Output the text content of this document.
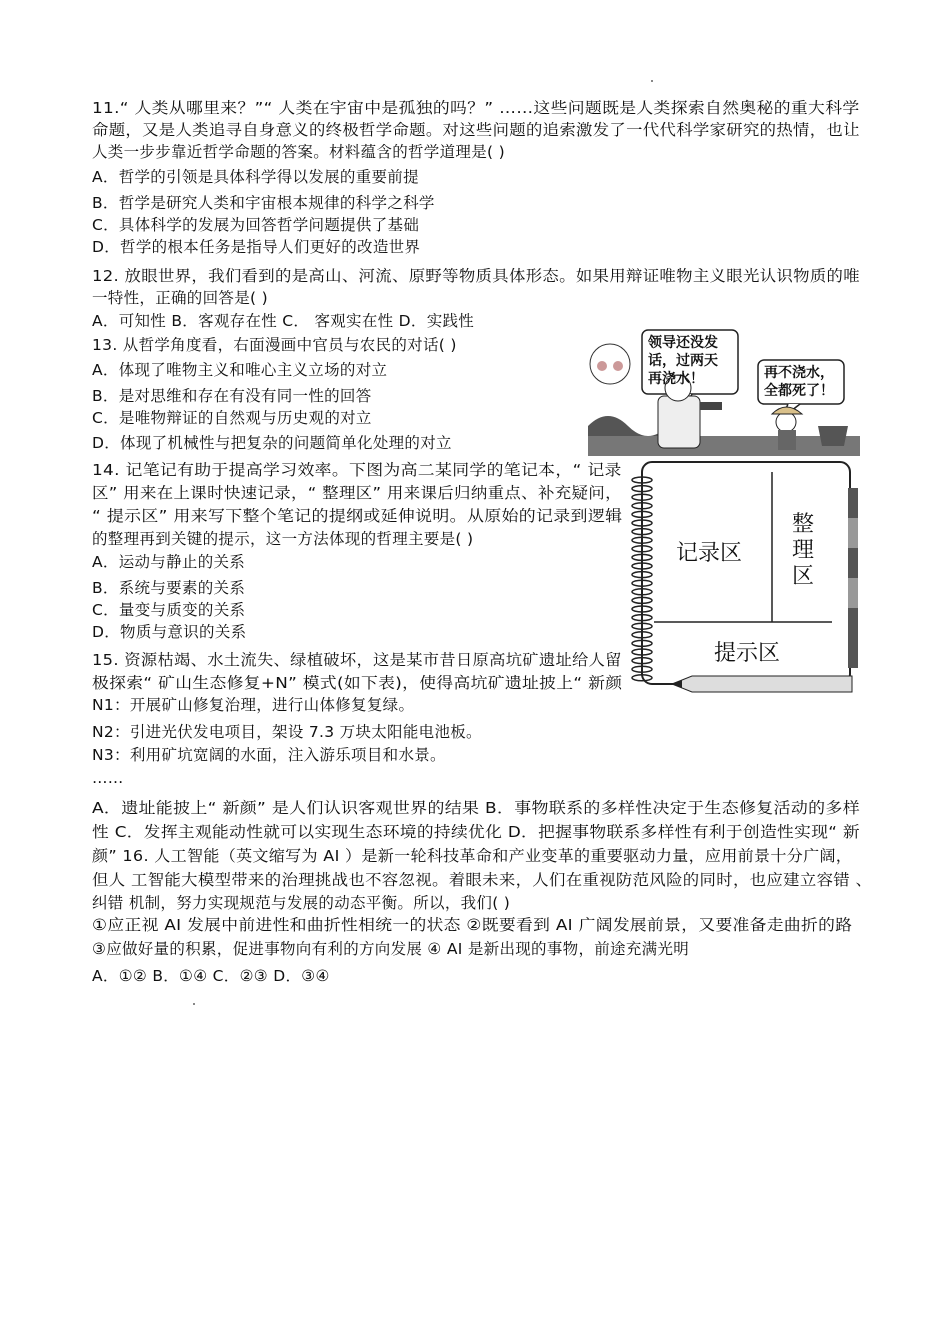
11.“ 人类从哪里来？”“ 人类在宇宙中是孤独的吗？” ……这些问题既是人类探索自然奥秘的重大科学
命题，又是人类追寻自身意义的终极哲学命题。对这些问题的追索激发了一代代科学家研究的热情，也让
人类一步步靠近哲学命题的答案。材料蕴含的哲学道理是( )
A．哲学的引领是具体科学得以发展的重要前提
B．哲学是研究人类和宇宙根本规律的科学之科学
C．具体科学的发展为回答哲学问题提供了基础
D．哲学的根本任务是指导人们更好的改造世界
12. 放眼世界，我们看到的是高山、河流、原野等物质具体形态。如果用辩证唯物主义眼光认识物质的唯
一特性，正确的回答是( )
A．可知性 B．客观存在性 C． 客观实在性 D．实践性
13. 从哲学角度看，右面漫画中官员与农民的对话( )
A．体现了唯物主义和唯心主义立场的对立
B．是对思维和存在有没有同一性的回答
C．是唯物辩证的自然观与历史观的对立
D．体现了机械性与把复杂的问题简单化处理的对立
领导还没发
话，过两天
再浇水！	再不浇水，
全都死了！
14. 记笔记有助于提高学习效率。下图为高二某同学的笔记本，“ 记录
区” 用来在上课时快速记录，“ 整理区” 用来课后归纳重点、补充疑问，
“ 提示区” 用来写下整个笔记的提纲或延伸说明。从原始的记录到逻辑
的整理再到关键的提示，这一方法体现的哲理主要是( )
A．运动与静止的关系
B．系统与要素的关系
C．量变与质变的关系
D．物质与意识的关系
记录区
整
理
区
提示区
15. 资源枯竭、水土流失、绿植破坏，这是某市昔日原高坑矿遗址给人留
极探索“ 矿山生态修复+N” 模式(如下表)，使得高坑矿遗址披上“ 新颜
N1：开展矿山修复治理，进行山体修复复绿。
N2：引进光伏发电项目，架设 7.3 万块太阳能电池板。
N3：利用矿坑宽阔的水面，注入游乐项目和水景。
……
A．遗址能披上“ 新颜” 是人们认识客观世界的结果 B．事物联系的多样性决定于生态修复活动的多样
性 C．发挥主观能动性就可以实现生态环境的持续优化 D．把握事物联系多样性有利于创造性实现“ 新
颜” 16. 人工智能（英文缩写为 AI ）是新一轮科技革命和产业变革的重要驱动力量，应用前景十分广阔，
但人 工智能大模型带来的治理挑战也不容忽视。着眼未来，人们在重视防范风险的同时，也应建立容错 、
纠错 机制，努力实现规范与发展的动态平衡。所以，我们( )
①应正视 AI 发展中前进性和曲折性相统一的状态 ②既要看到 AI 广阔发展前景，又要准备走曲折的路
③应做好量的积累，促进事物向有利的方向发展 ④ AI 是新出现的事物，前途充满光明
A．①② B．①④ C．②③ D．③④
